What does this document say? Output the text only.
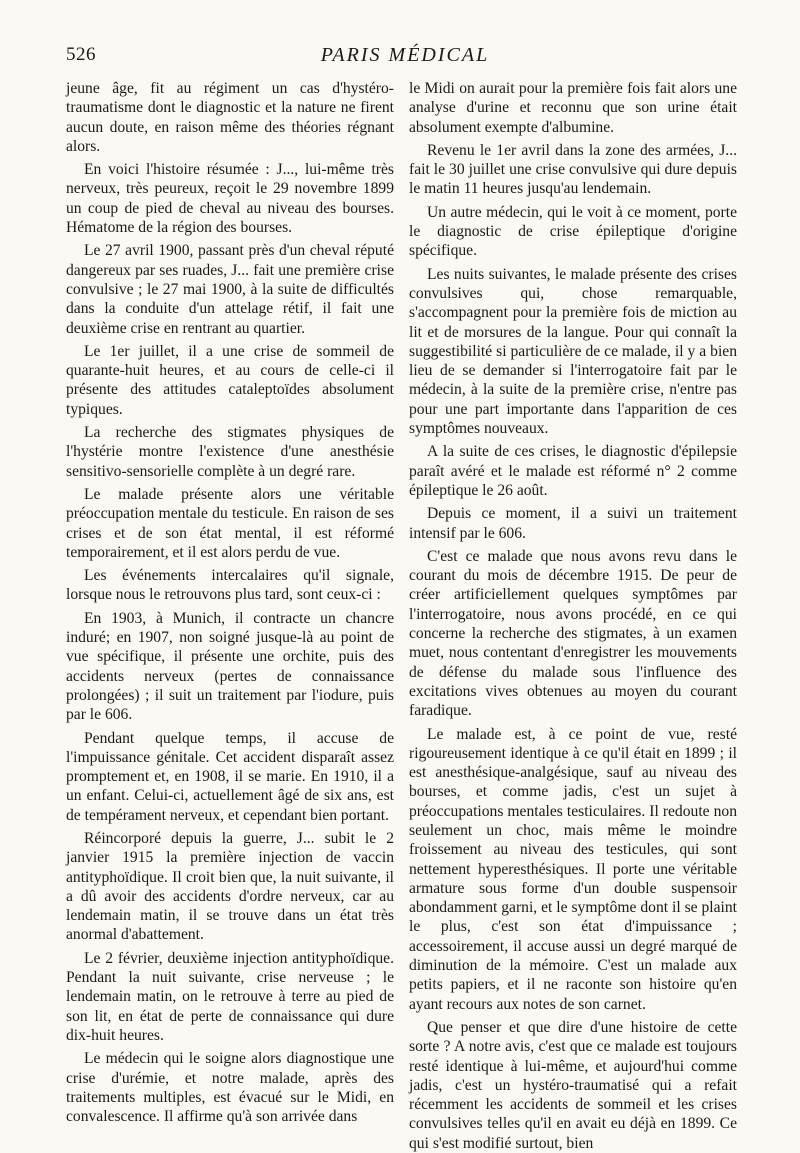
526	PARIS MÉDICAL

jeune âge, fit au régiment un cas d'hystéro-traumatisme dont le diagnostic et la nature ne firent aucun doute, en raison même des théories régnant alors.

En voici l'histoire résumée : J..., lui-même très nerveux, très peureux, reçoit le 29 novembre 1899 un coup de pied de cheval au niveau des bourses. Hématome de la région des bourses.

Le 27 avril 1900, passant près d'un cheval réputé dangereux par ses ruades, J... fait une première crise convulsive ; le 27 mai 1900, à la suite de difficultés dans la conduite d'un attelage rétif, il fait une deuxième crise en rentrant au quartier.

Le 1er juillet, il a une crise de sommeil de quarante-huit heures, et au cours de celle-ci il présente des attitudes cataleptoïdes absolument typiques.

La recherche des stigmates physiques de l'hystérie montre l'existence d'une anesthésie sensitivo-sensorielle complète à un degré rare.

Le malade présente alors une véritable préoccupation mentale du testicule. En raison de ses crises et de son état mental, il est réformé temporairement, et il est alors perdu de vue.

Les événements intercalaires qu'il signale, lorsque nous le retrouvons plus tard, sont ceux-ci :

En 1903, à Munich, il contracte un chancre induré; en 1907, non soigné jusque-là au point de vue spécifique, il présente une orchite, puis des accidents nerveux (pertes de connaissance prolongées) ; il suit un traitement par l'iodure, puis par le 606.

Pendant quelque temps, il accuse de l'impuissance génitale. Cet accident disparaît assez promptement et, en 1908, il se marie. En 1910, il a un enfant. Celui-ci, actuellement âgé de six ans, est de tempérament nerveux, et cependant bien portant.

Réincorporé depuis la guerre, J... subit le 2 janvier 1915 la première injection de vaccin antityphoïdique. Il croit bien que, la nuit suivante, il a dû avoir des accidents d'ordre nerveux, car au lendemain matin, il se trouve dans un état très anormal d'abattement.

Le 2 février, deuxième injection antityphoïdique. Pendant la nuit suivante, crise nerveuse ; le lendemain matin, on le retrouve à terre au pied de son lit, en état de perte de connaissance qui dure dix-huit heures.

Le médecin qui le soigne alors diagnostique une crise d'urémie, et notre malade, après des traitements multiples, est évacué sur le Midi, en convalescence. Il affirme qu'à son arrivée dans

le Midi on aurait pour la première fois fait alors une analyse d'urine et reconnu que son urine était absolument exempte d'albumine.

Revenu le 1er avril dans la zone des armées, J... fait le 30 juillet une crise convulsive qui dure depuis le matin 11 heures jusqu'au lendemain.

Un autre médecin, qui le voit à ce moment, porte le diagnostic de crise épileptique d'origine spécifique.

Les nuits suivantes, le malade présente des crises convulsives qui, chose remarquable, s'accompagnent pour la première fois de miction au lit et de morsures de la langue. Pour qui connaît la suggestibilité si particulière de ce malade, il y a bien lieu de se demander si l'interrogatoire fait par le médecin, à la suite de la première crise, n'entre pas pour une part importante dans l'apparition de ces symptômes nouveaux.

A la suite de ces crises, le diagnostic d'épilepsie paraît avéré et le malade est réformé n° 2 comme épileptique le 26 août.

Depuis ce moment, il a suivi un traitement intensif par le 606.

C'est ce malade que nous avons revu dans le courant du mois de décembre 1915. De peur de créer artificiellement quelques symptômes par l'interrogatoire, nous avons procédé, en ce qui concerne la recherche des stigmates, à un examen muet, nous contentant d'enregistrer les mouvements de défense du malade sous l'influence des excitations vives obtenues au moyen du courant faradique.

Le malade est, à ce point de vue, resté rigoureusement identique à ce qu'il était en 1899 ; il est anesthésique-analgésique, sauf au niveau des bourses, et comme jadis, c'est un sujet à préoccupations mentales testiculaires. Il redoute non seulement un choc, mais même le moindre froissement au niveau des testicules, qui sont nettement hyperesthésiques. Il porte une véritable armature sous forme d'un double suspensoir abondamment garni, et le symptôme dont il se plaint le plus, c'est son état d'impuissance ; accessoirement, il accuse aussi un degré marqué de diminution de la mémoire. C'est un malade aux petits papiers, et il ne raconte son histoire qu'en ayant recours aux notes de son carnet.

Que penser et que dire d'une histoire de cette sorte ? A notre avis, c'est que ce malade est toujours resté identique à lui-même, et aujourd'hui comme jadis, c'est un hystéro-traumatisé qui a refait récemment les accidents de sommeil et les crises convulsives telles qu'il en avait eu déjà en 1899. Ce qui s'est modifié surtout, bien
